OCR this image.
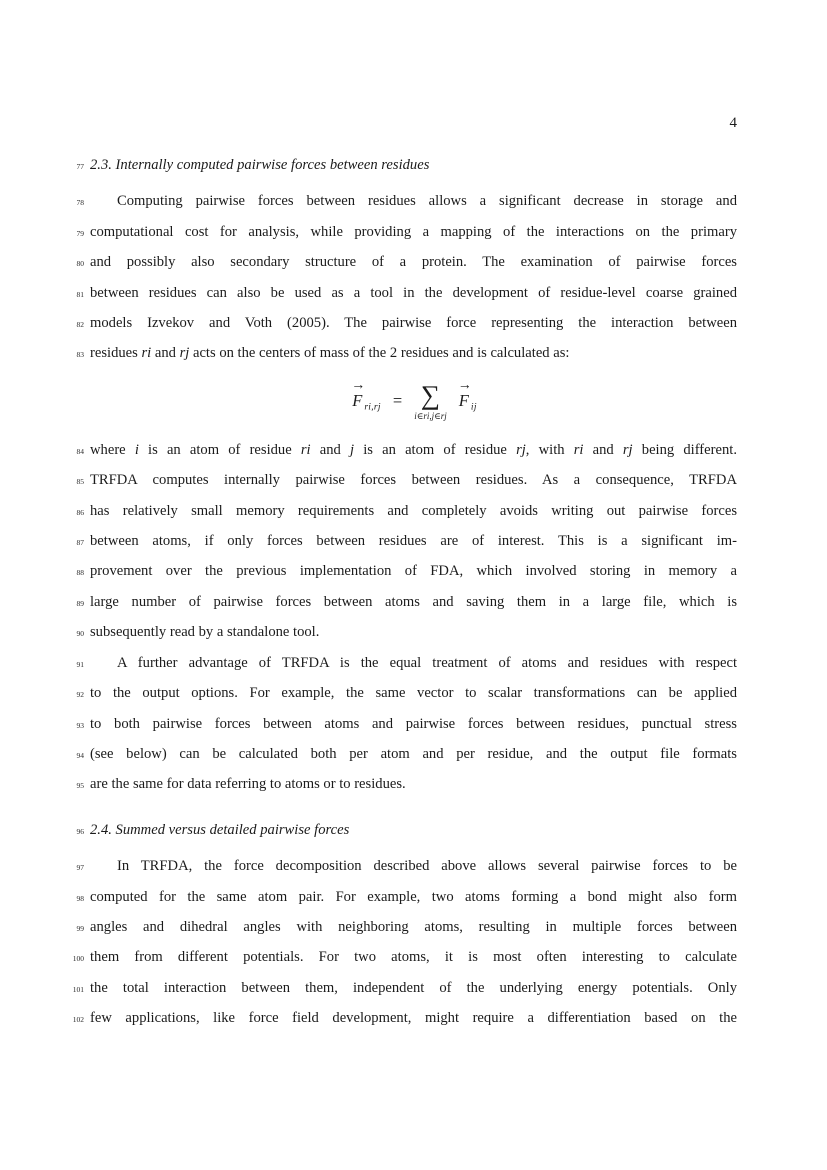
4
77 2.3. Internally computed pairwise forces between residues
78	Computing pairwise forces between residues allows a significant decrease in storage and
79 computational cost for analysis, while providing a mapping of the interactions on the primary
80 and possibly also secondary structure of a protein. The examination of pairwise forces
81 between residues can also be used as a tool in the development of residue-level coarse grained
82 models Izvekov and Voth (2005). The pairwise force representing the interaction between
83 residues ri and rj acts on the centers of mass of the 2 residues and is calculated as:
→
F $_{ri,rj}$ = ∑
i∈ri,j∈rj
→
F $_{ij}$
84 where i is an atom of residue ri and j is an atom of residue rj, with ri and rj being different.
85 TRFDA computes internally pairwise forces between residues. As a consequence, TRFDA
86 has relatively small memory requirements and completely avoids writing out pairwise forces
87 between atoms, if only forces between residues are of interest. This is a significant im-
88 provement over the previous implementation of FDA, which involved storing in memory a
89 large number of pairwise forces between atoms and saving them in a large file, which is
90 subsequently read by a standalone tool.
91	A further advantage of TRFDA is the equal treatment of atoms and residues with respect
92 to the output options. For example, the same vector to scalar transformations can be applied
93 to both pairwise forces between atoms and pairwise forces between residues, punctual stress
94 (see below) can be calculated both per atom and per residue, and the output file formats
95 are the same for data referring to atoms or to residues.
96 2.4. Summed versus detailed pairwise forces
97	In TRFDA, the force decomposition described above allows several pairwise forces to be
98 computed for the same atom pair. For example, two atoms forming a bond might also form
99 angles and dihedral angles with neighboring atoms, resulting in multiple forces between
100 them from different potentials. For two atoms, it is most often interesting to calculate
101 the total interaction between them, independent of the underlying energy potentials. Only
102 few applications, like force field development, might require a differentiation based on the
